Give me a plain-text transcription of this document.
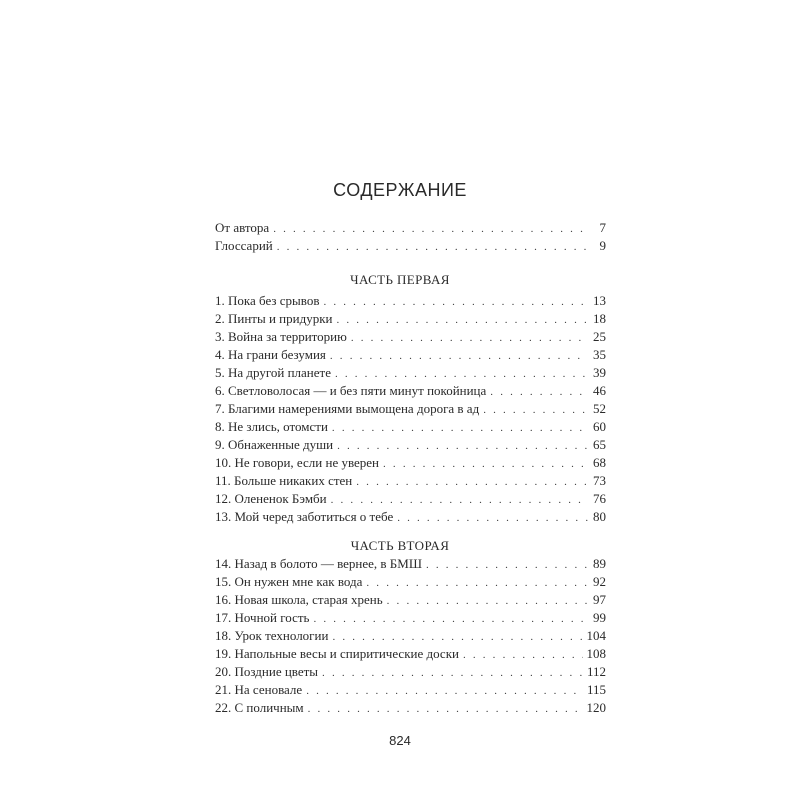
СОДЕРЖАНИЕ
От автора . . .	7
Глоссарий . . .	9
ЧАСТЬ ПЕРВАЯ
1. Пока без срывов . . .	13
2. Пинты и придурки . . .	18
3. Война за территорию . . .	25
4. На грани безумия . . .	35
5. На другой планете . . .	39
6. Светловолосая — и без пяти минут покойница . . .	46
7. Благими намерениями вымощена дорога в ад . . .	52
8. Не злись, отомсти . . .	60
9. Обнаженные души . . .	65
10. Не говори, если не уверен . . .	68
11. Больше никаких стен . . .	73
12. Олененок Бэмби . . .	76
13. Мой черед заботиться о тебе . . .	80
ЧАСТЬ ВТОРАЯ
14. Назад в болото — вернее, в БМШ . . .	89
15. Он нужен мне как вода . . .	92
16. Новая школа, старая хрень . . .	97
17. Ночной гость . . .	99
18. Урок технологии . . .	104
19. Напольные весы и спиритические доски . . .	108
20. Поздние цветы . . .	112
21. На сеновале . . .	115
22. С поличным . . .	120
824
